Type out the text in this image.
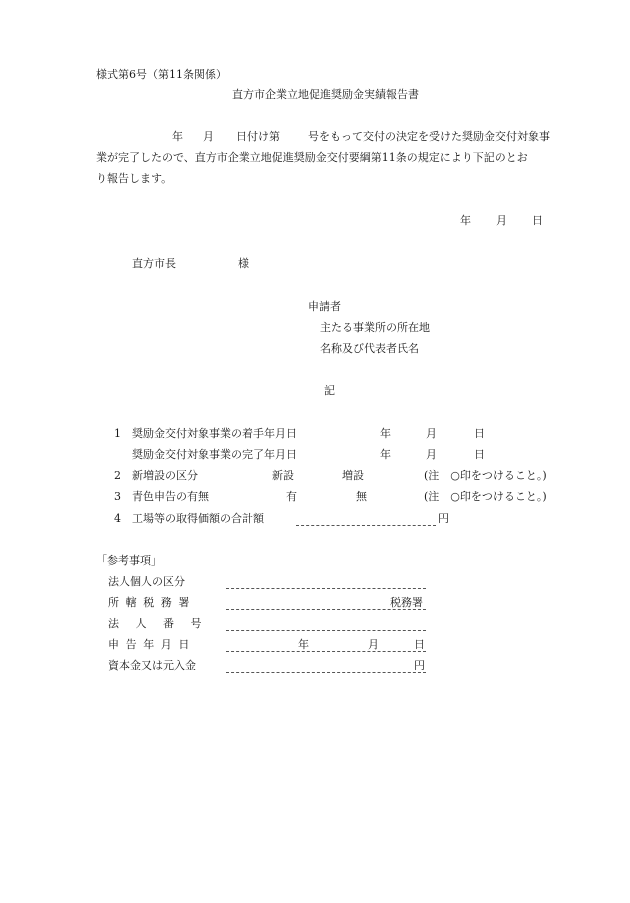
様式第6号（第11条関係）
直方市企業立地促進奨励金実績報告書
年 月 日付け第	号をもって交付の決定を受けた奨励金交付対象事
業が完了したので、直方市企業立地促進奨励金交付要綱第11条の規定により下記のとお
り報告します。
年 月 日
直方市長	様
申請者
主たる事業所の所在地
名称及び代表者氏名
記
1 奨励金交付対象事業の着手年月日	年	月	日
奨励金交付対象事業の完了年月日	年	月	日
2 新増設の区分	新設	増設	(注　○印をつけること。)
3 青色申告の有無	有	無	(注　○印をつけること。)
4 工場等の取得価額の合計額	円
「参考事項」
法人個人の区分
所轄税務署	税務署
法人番号
申告年月日	年	月	日
資本金又は元入金	円
